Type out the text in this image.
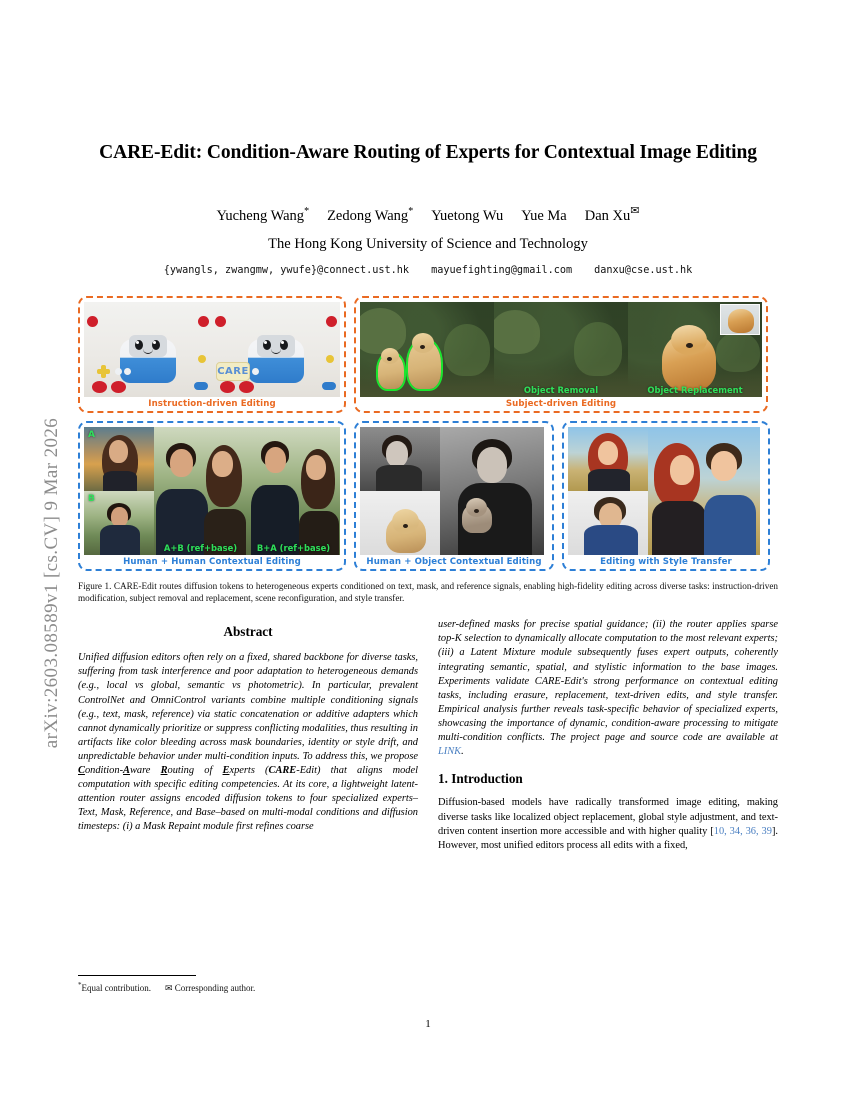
arXiv:2603.08589v1 [cs.CV] 9 Mar 2026
CARE-Edit: Condition-Aware Routing of Experts for Contextual Image Editing
Yucheng Wang* Zedong Wang* Yuetong Wu Yue Ma Dan Xu✉
The Hong Kong University of Science and Technology
{ywangls, zwangmw, ywufe}@connect.ust.hk mayuefighting@gmail.com danxu@cse.ust.hk
CARE
Instruction-driven Editing
Object Removal	Object Replacement
Subject-driven Editing
A
B
A+B (ref+base) B+A (ref+base)
Human + Human Contextual Editing	Human + Object Contextual Editing	Editing with Style Transfer
Figure 1. CARE-Edit routes diffusion tokens to heterogeneous experts conditioned on text, mask, and reference signals, enabling high-fidelity editing across diverse tasks: instruction-driven modification, subject removal and replacement, scene reconfiguration, and style transfer.
Abstract

Unified diffusion editors often rely on a fixed, shared backbone for diverse tasks, suffering from task interference and poor adaptation to heterogeneous demands (e.g., local vs global, semantic vs photometric). In particular, prevalent ControlNet and OmniControl variants combine multiple conditioning signals (e.g., text, mask, reference) via static concatenation or additive adapters which cannot dynamically prioritize or suppress conflicting modalities, thus resulting in artifacts like color bleeding across mask boundaries, identity or style drift, and unpredictable behavior under multi-condition inputs. To address this, we propose Condition-Aware Routing of Experts (CARE-Edit) that aligns model computation with specific editing competencies. At its core, a lightweight latent-attention router assigns encoded diffusion tokens to four specialized experts–Text, Mask, Reference, and Base–based on multi-modal conditions and diffusion timesteps: (i) a Mask Repaint module first refines coarse

user-defined masks for precise spatial guidance; (ii) the router applies sparse top-K selection to dynamically allocate computation to the most relevant experts; (iii) a Latent Mixture module subsequently fuses expert outputs, coherently integrating semantic, spatial, and stylistic information to the base images. Experiments validate CARE-Edit's strong performance on contextual editing tasks, including erasure, replacement, text-driven edits, and style transfer. Empirical analysis further reveals task-specific behavior of specialized experts, showcasing the importance of dynamic, condition-aware processing to mitigate multi-condition conflicts. The project page and source code are available at LINK.

1. Introduction

Diffusion-based models have radically transformed image editing, making diverse tasks like localized object replacement, global style adjustment, and text-driven content insertion more accessible and with higher quality [10, 34, 36, 39]. However, most unified editors process all edits with a fixed,

*Equal contribution. ✉ Corresponding author.
1
